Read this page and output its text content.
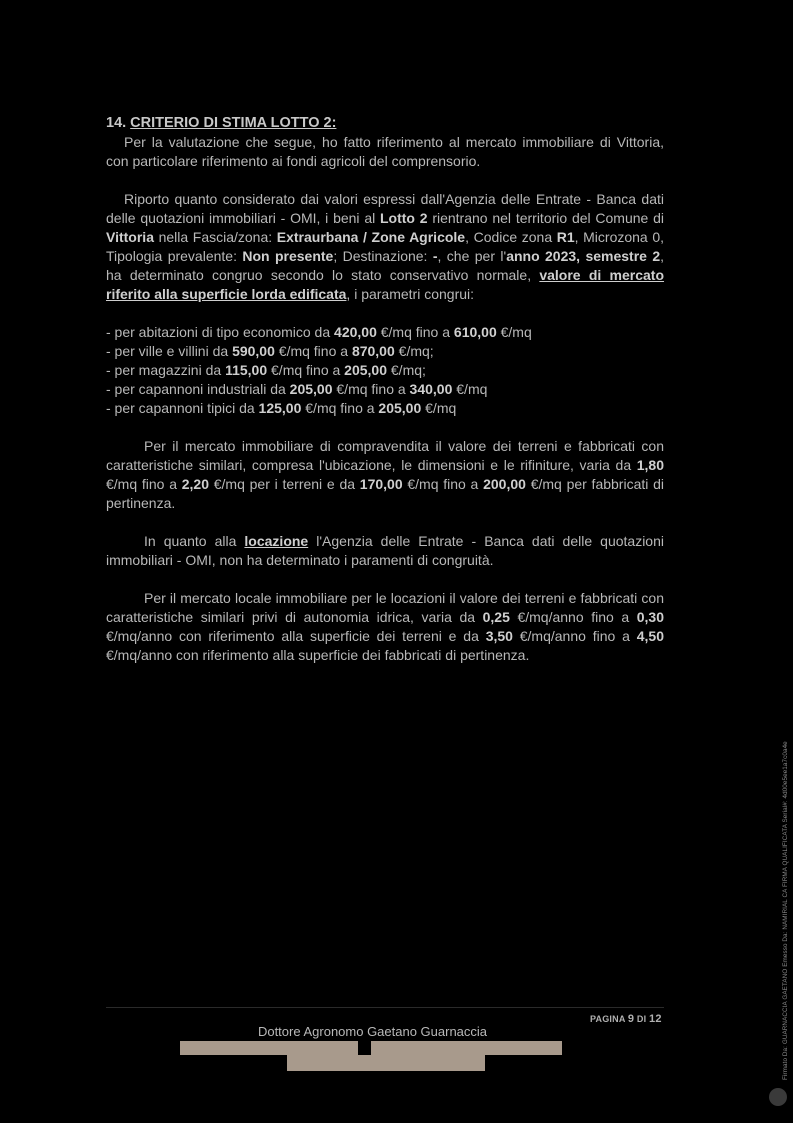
14. CRITERIO DI STIMA LOTTO 2:

Per la valutazione che segue, ho fatto riferimento al mercato immobiliare di Vittoria, con particolare riferimento ai fondi agricoli del comprensorio.

Riporto quanto considerato dai valori espressi dall'Agenzia delle Entrate - Banca dati delle quotazioni immobiliari - OMI, i beni al Lotto 2 rientrano nel territorio del Comune di Vittoria nella Fascia/zona: Extraurbana / Zone Agricole, Codice zona R1, Microzona 0, Tipologia prevalente: Non presente; Destinazione: -, che per l'anno 2023, semestre 2, ha determinato congruo secondo lo stato conservativo normale, valore di mercato riferito alla superficie lorda edificata, i parametri congrui:

- per abitazioni di tipo economico da 420,00 €/mq fino a 610,00 €/mq
- per ville e villini da 590,00 €/mq fino a 870,00 €/mq;
- per magazzini da 115,00 €/mq fino a 205,00 €/mq;
- per capannoni industriali da 205,00 €/mq fino a 340,00 €/mq
- per capannoni tipici da 125,00 €/mq fino a 205,00 €/mq

Per il mercato immobiliare di compravendita il valore dei terreni e fabbricati con caratteristiche similari, compresa l'ubicazione, le dimensioni e le rifiniture, varia da 1,80 €/mq fino a 2,20 €/mq per i terreni e da 170,00 €/mq fino a 200,00 €/mq per fabbricati di pertinenza.

In quanto alla locazione l'Agenzia delle Entrate - Banca dati delle quotazioni immobiliari - OMI, non ha determinato i paramenti di congruità.

Per il mercato locale immobiliare per le locazioni il valore dei terreni e fabbricati con caratteristiche similari privi di autonomia idrica, varia da 0,25 €/mq/anno fino a 0,30 €/mq/anno con riferimento alla superficie dei terreni e da 3,50 €/mq/anno fino a 4,50 €/mq/anno con riferimento alla superficie dei fabbricati di pertinenza.

PAGINA 9 DI 12
Dottore Agronomo Gaetano Guarnaccia	Firmato Da: GUARNACCIA GAETANO Emesso Da: NAMIRIAL CA FIRMA QUALIFICATA Serial#: 4d00e5ee1a7c0a4e
